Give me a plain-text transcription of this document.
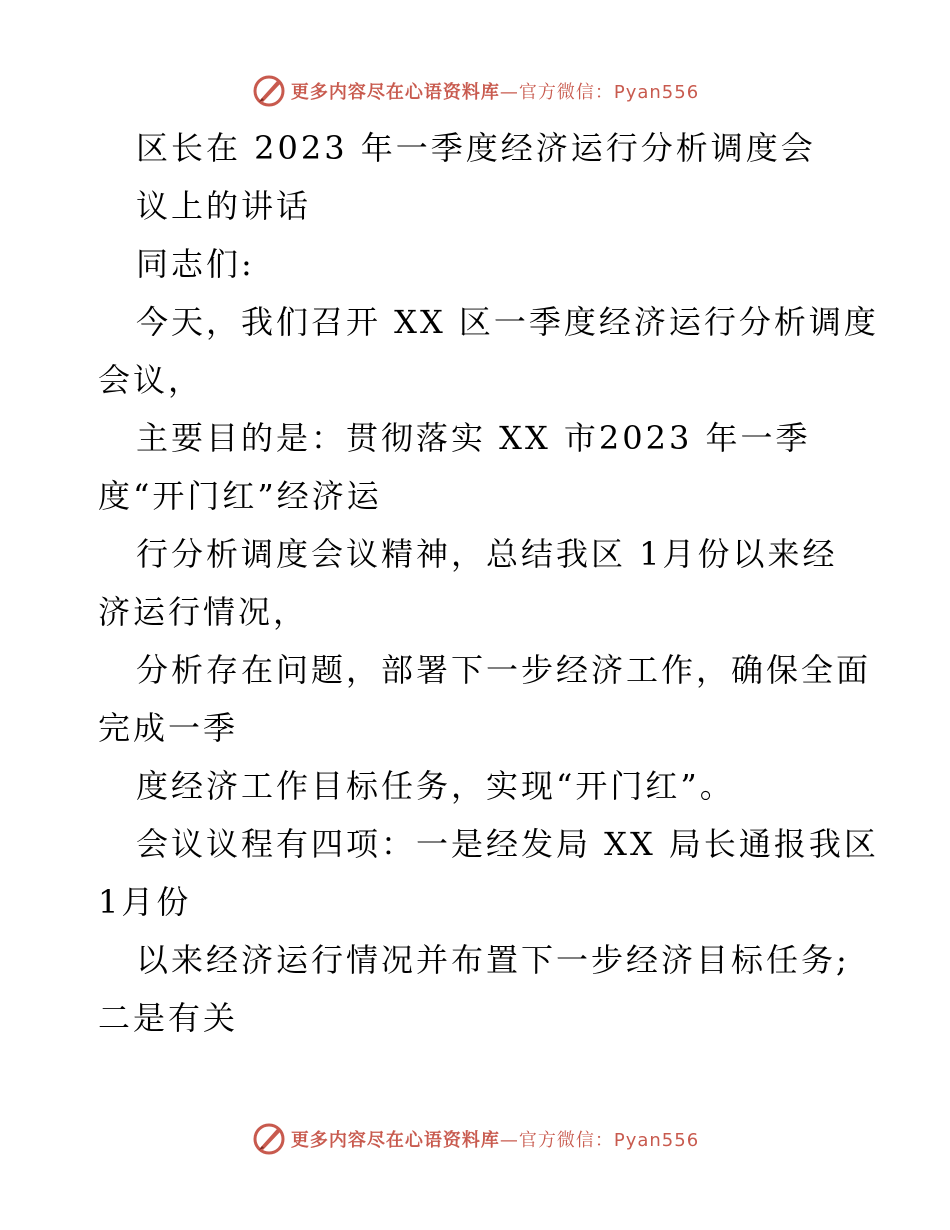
更多内容尽在心语资料库 —官方微信：Pyan556
区长在 2023 年一季度经济运行分析调度会
议上的讲话
同志们:
今天，我们召开 XX 区一季度经济运行分析调度
会议，
主要目的是：贯彻落实 XX 市2023 年一季
度“开门红”经济运
行分析调度会议精神，总结我区 1月份以来经
济运行情况，
分析存在问题，部署下一步经济工作，确保全面
完成一季
度经济工作目标任务，实现“开门红”。
会议议程有四项：一是经发局 XX 局长通报我区
1月份
以来经济运行情况并布置下一步经济目标任务;
二是有关
更多内容尽在心语资料库 —官方微信：Pyan556
